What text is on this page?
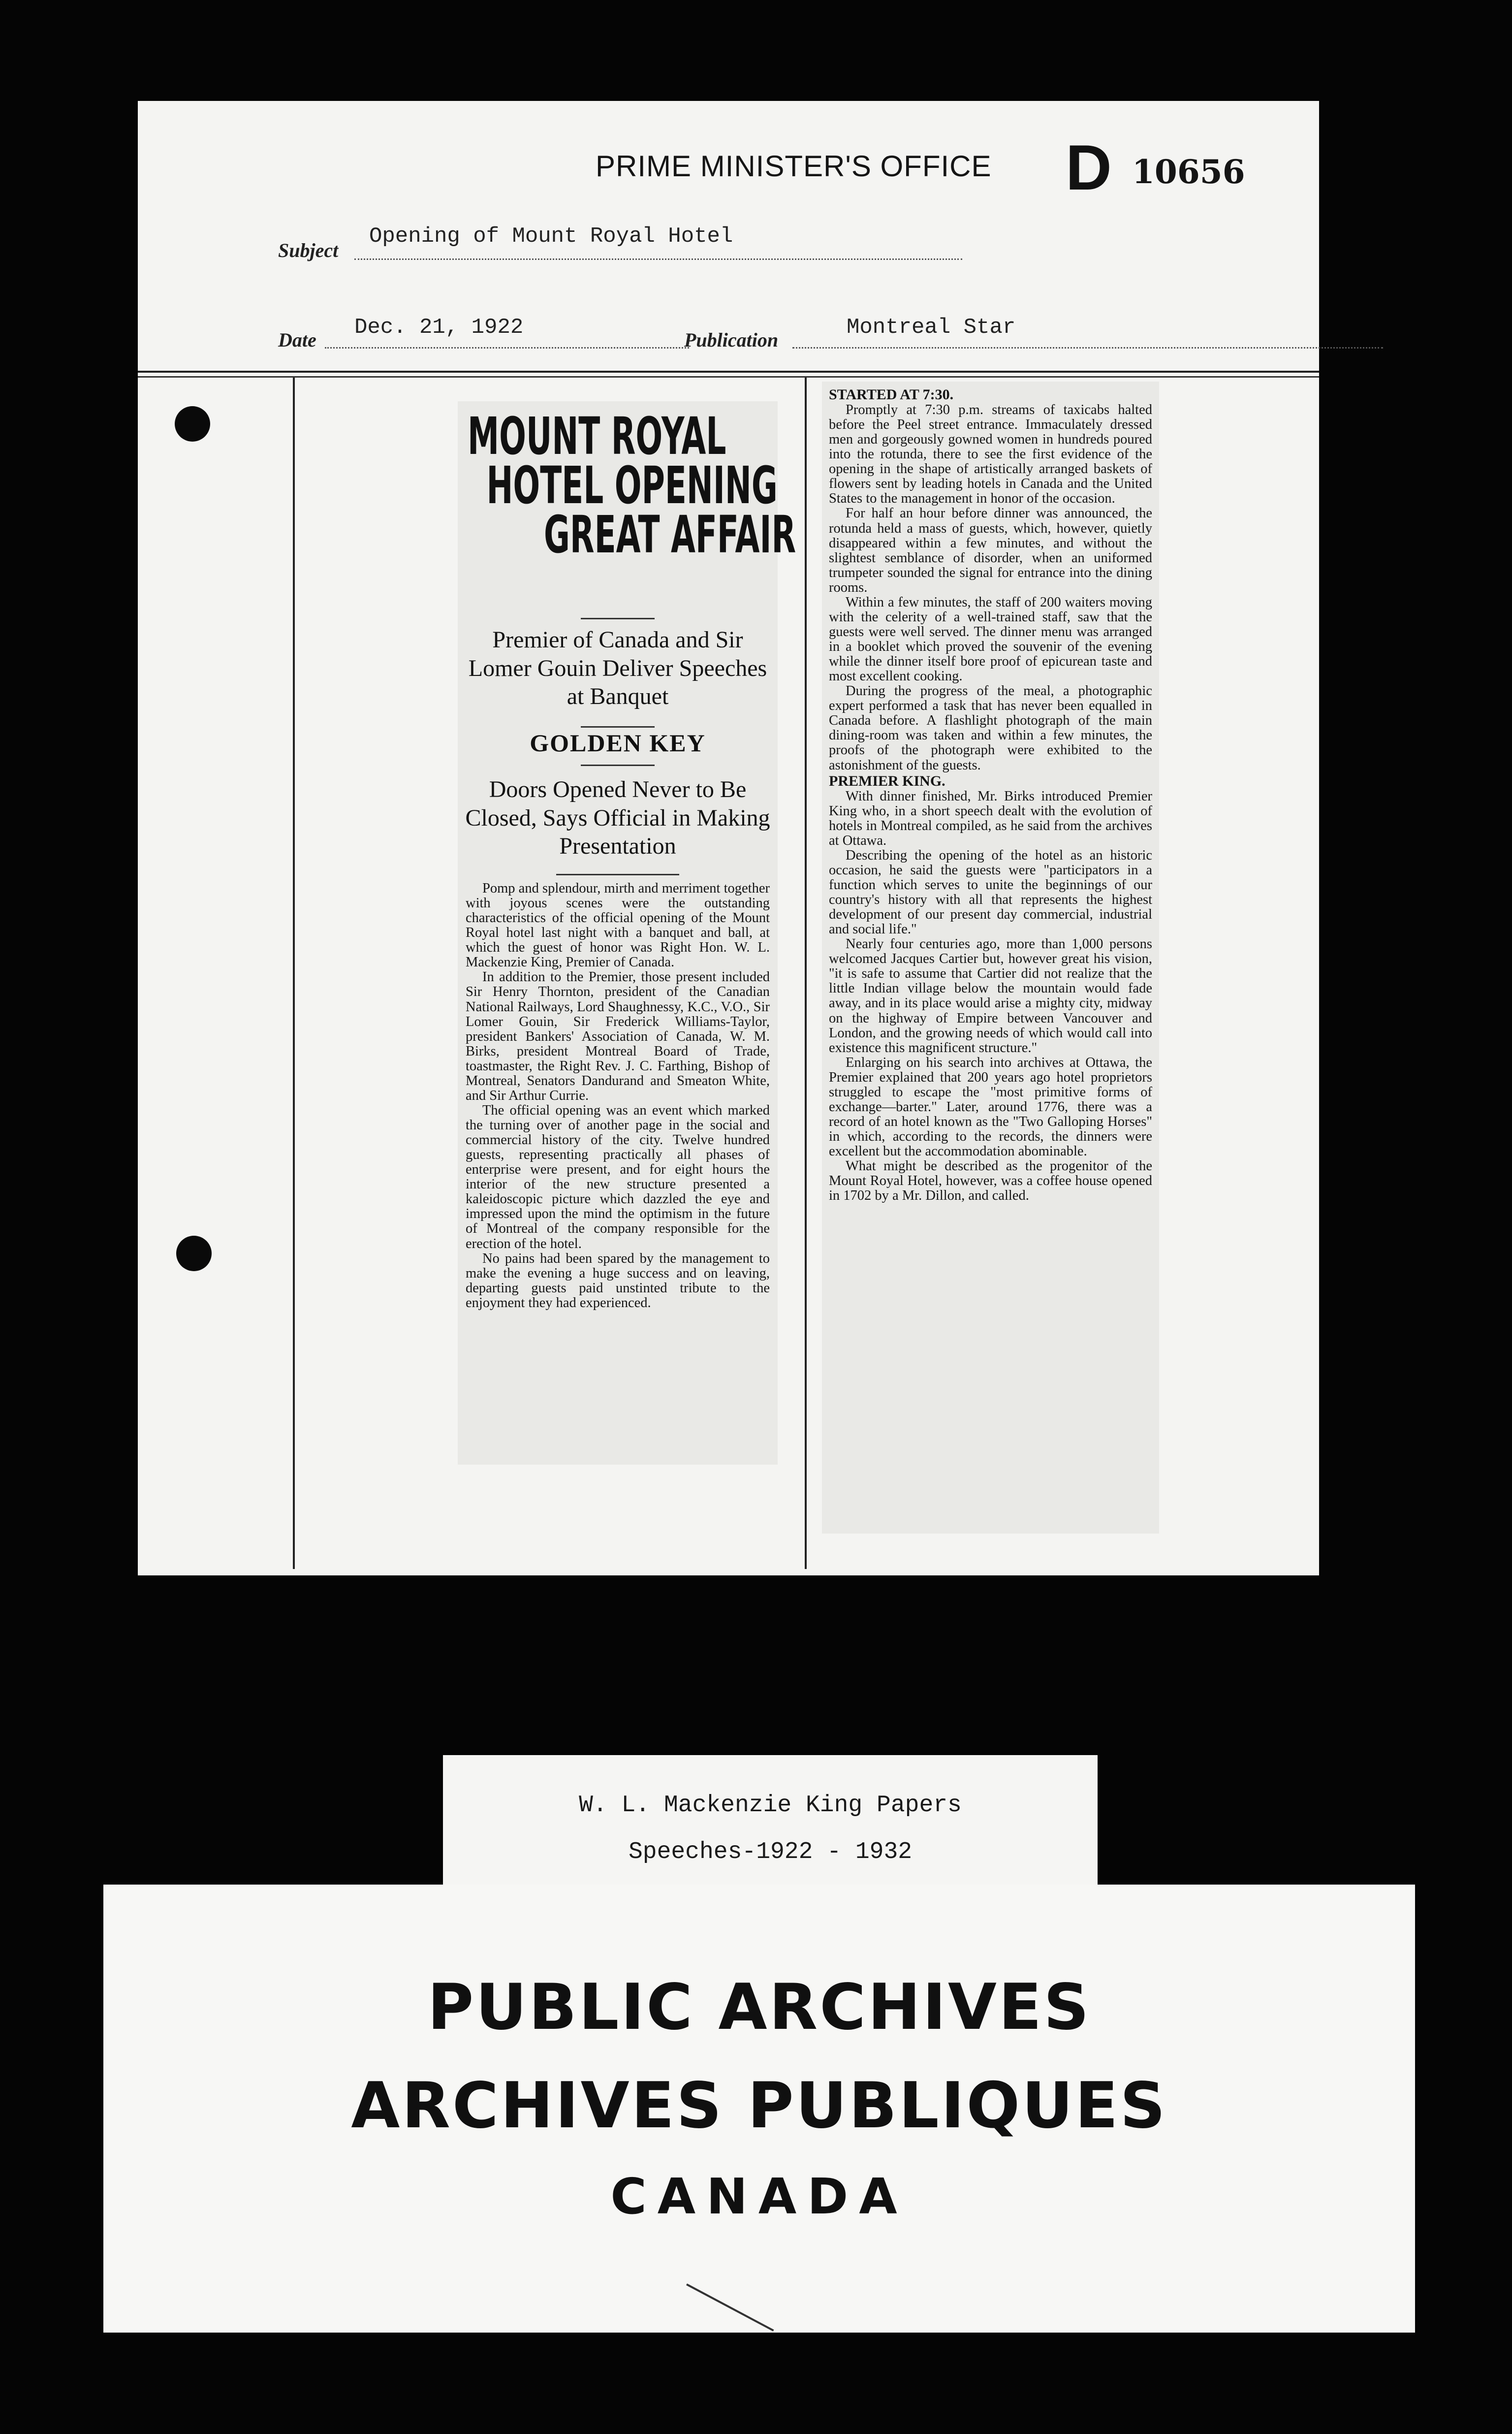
PRIME MINISTER'S OFFICE D 10656
Subject
Opening of Mount Royal Hotel
Date
Dec. 21, 1922
Publication
Montreal Star
MOUNT ROYAL
HOTEL OPENING
GREAT AFFAIR
Premier of Canada and Sir Lomer Gouin Deliver Speeches at Banquet
GOLDEN KEY
Doors Opened Never to Be Closed, Says Official in Making Presentation

Pomp and splendour, mirth and merriment together with joyous scenes were the outstanding characteristics of the official opening of the Mount Royal hotel last night with a banquet and ball, at which the guest of honor was Right Hon. W. L. Mackenzie King, Premier of Canada.

In addition to the Premier, those present included Sir Henry Thornton, president of the Canadian National Railways, Lord Shaughnessy, K.C., V.O., Sir Lomer Gouin, Sir Frederick Williams-Taylor, president Bankers' Association of Canada, W. M. Birks, president Montreal Board of Trade, toastmaster, the Right Rev. J. C. Farthing, Bishop of Montreal, Senators Dandurand and Smeaton White, and Sir Arthur Currie.

The official opening was an event which marked the turning over of another page in the social and commercial history of the city. Twelve hundred guests, representing practically all phases of enterprise were present, and for eight hours the interior of the new structure presented a kaleidoscopic picture which dazzled the eye and impressed upon the mind the optimism in the future of Montreal of the company responsible for the erection of the hotel.

No pains had been spared by the management to make the evening a huge success and on leaving, departing guests paid unstinted tribute to the enjoyment they had experienced.

STARTED AT 7:30.

Promptly at 7:30 p.m. streams of taxicabs halted before the Peel street entrance. Immaculately dressed men and gorgeously gowned women in hundreds poured into the rotunda, there to see the first evidence of the opening in the shape of artistically arranged baskets of flowers sent by leading hotels in Canada and the United States to the management in honor of the occasion.

For half an hour before dinner was announced, the rotunda held a mass of guests, which, however, quietly disappeared within a few minutes, and without the slightest semblance of disorder, when an uniformed trumpeter sounded the signal for entrance into the dining rooms.

Within a few minutes, the staff of 200 waiters moving with the celerity of a well-trained staff, saw that the guests were well served. The dinner menu was arranged in a booklet which proved the souvenir of the evening while the dinner itself bore proof of epicurean taste and most excellent cooking.

During the progress of the meal, a photographic expert performed a task that has never been equalled in Canada before. A flashlight photograph of the main dining-room was taken and within a few minutes, the proofs of the photograph were exhibited to the astonishment of the guests.

PREMIER KING.

With dinner finished, Mr. Birks introduced Premier King who, in a short speech dealt with the evolution of hotels in Montreal compiled, as he said from the archives at Ottawa.

Describing the opening of the hotel as an historic occasion, he said the guests were "participators in a function which serves to unite the beginnings of our country's history with all that represents the highest development of our present day commercial, industrial and social life."

Nearly four centuries ago, more than 1,000 persons welcomed Jacques Cartier but, however great his vision, "it is safe to assume that Cartier did not realize that the little Indian village below the mountain would fade away, and in its place would arise a mighty city, midway on the highway of Empire between Vancouver and London, and the growing needs of which would call into existence this magnificent structure."

Enlarging on his search into archives at Ottawa, the Premier explained that 200 years ago hotel proprietors struggled to escape the "most primitive forms of exchange—barter." Later, around 1776, there was a record of an hotel known as the "Two Galloping Horses" in which, according to the records, the dinners were excellent but the accommodation abominable.

What might be described as the progenitor of the Mount Royal Hotel, however, was a coffee house opened in 1702 by a Mr. Dillon, and called.

W. L. Mackenzie King Papers
Speeches-1922 - 1932
PUBLIC ARCHIVES
ARCHIVES PUBLIQUES
CANADA
